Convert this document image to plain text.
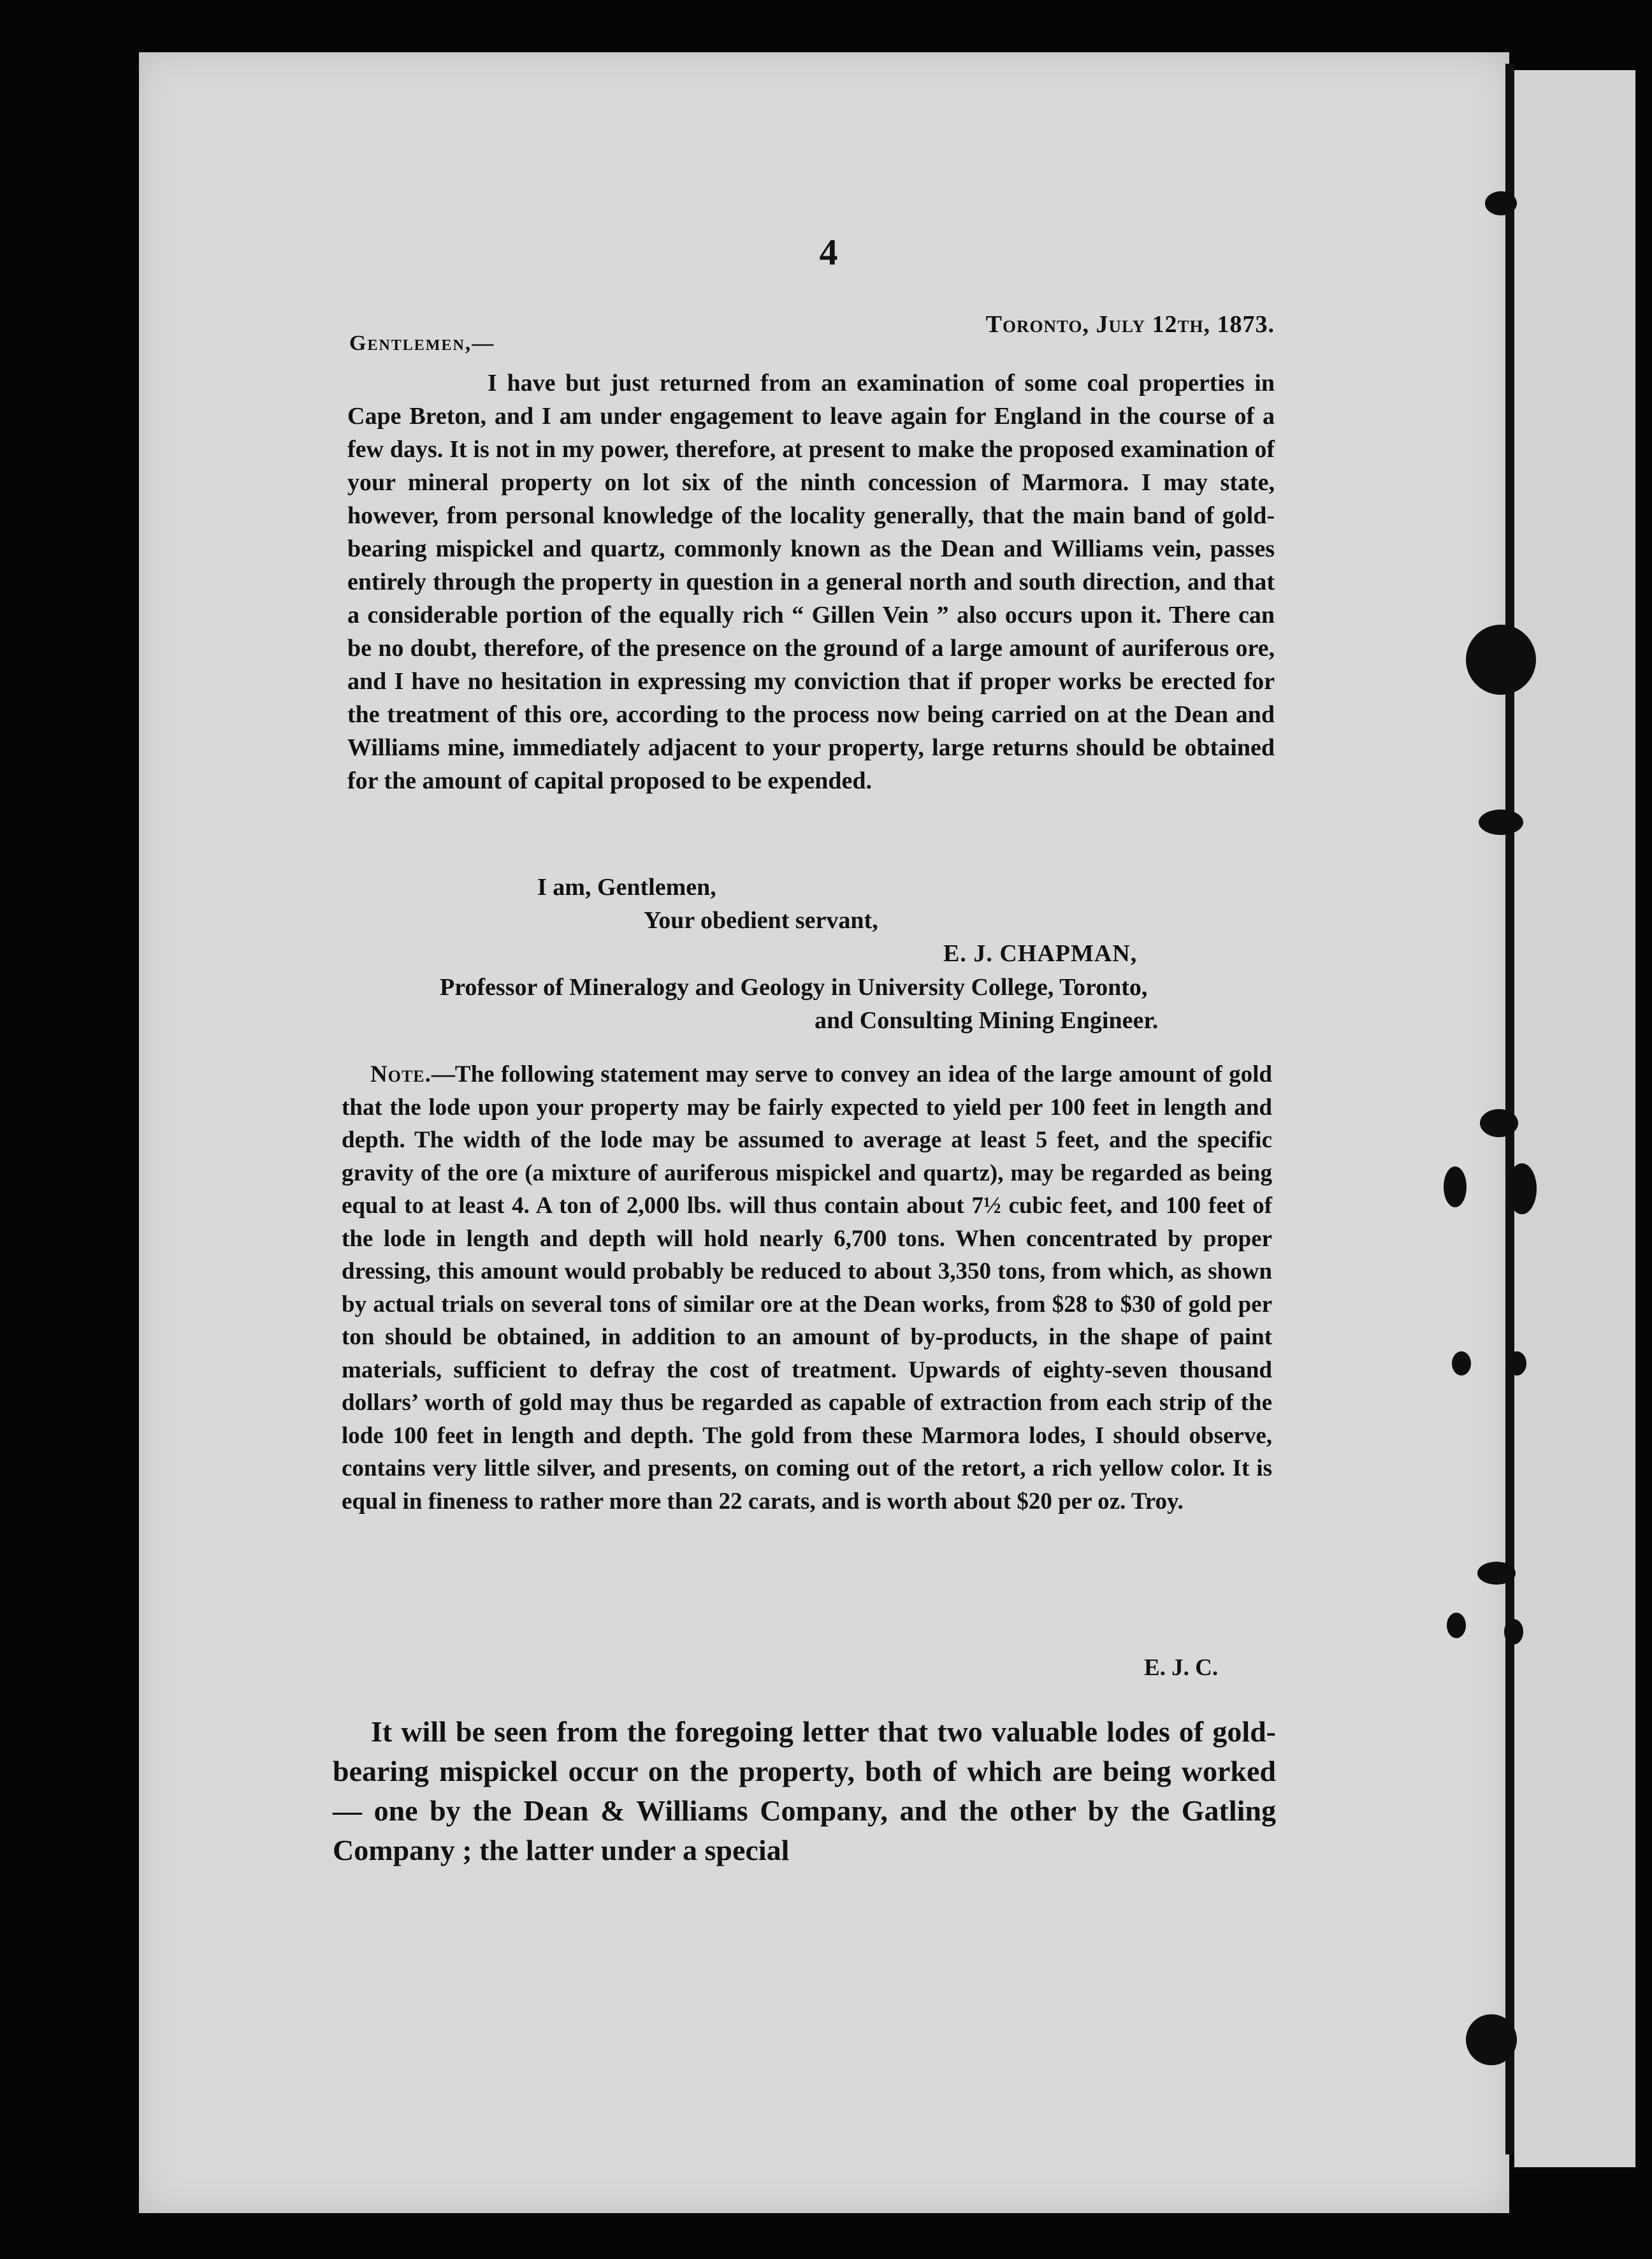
4

Toronto, July 12th, 1873.

Gentlemen,—

I have but just returned from an examination of some coal properties in Cape Breton, and I am under engagement to leave again for England in the course of a few days. It is not in my power, therefore, at present to make the proposed examination of your mineral property on lot six of the ninth concession of Marmora. I may state, however, from personal knowledge of the locality generally, that the main band of gold-bearing mispickel and quartz, commonly known as the Dean and Williams vein, passes entirely through the property in question in a general north and south direction, and that a considerable portion of the equally rich “ Gillen Vein ” also occurs upon it. There can be no doubt, therefore, of the presence on the ground of a large amount of auriferous ore, and I have no hesitation in expressing my conviction that if proper works be erected for the treatment of this ore, according to the process now being carried on at the Dean and Williams mine, immediately adjacent to your property, large returns should be obtained for the amount of capital proposed to be expended.

I am, Gentlemen,

Your obedient servant,

E. J. CHAPMAN,

Professor of Mineralogy and Geology in University College, Toronto,

and Consulting Mining Engineer.

Note.—The following statement may serve to convey an idea of the large amount of gold that the lode upon your property may be fairly expected to yield per 100 feet in length and depth. The width of the lode may be assumed to average at least 5 feet, and the specific gravity of the ore (a mixture of auriferous mispickel and quartz), may be regarded as being equal to at least 4. A ton of 2,000 lbs. will thus contain about 7½ cubic feet, and 100 feet of the lode in length and depth will hold nearly 6,700 tons. When concentrated by proper dressing, this amount would probably be reduced to about 3,350 tons, from which, as shown by actual trials on several tons of similar ore at the Dean works, from $28 to $30 of gold per ton should be obtained, in addition to an amount of by-products, in the shape of paint materials, sufficient to defray the cost of treatment. Upwards of eighty-seven thousand dollars’ worth of gold may thus be regarded as capable of extraction from each strip of the lode 100 feet in length and depth. The gold from these Marmora lodes, I should observe, contains very little silver, and presents, on coming out of the retort, a rich yellow color. It is equal in fineness to rather more than 22 carats, and is worth about $20 per oz. Troy.

E. J. C.

It will be seen from the foregoing letter that two valuable lodes of gold-bearing mispickel occur on the property, both of which are being worked — one by the Dean & Williams Company, and the other by the Gatling Company ; the latter under a special
